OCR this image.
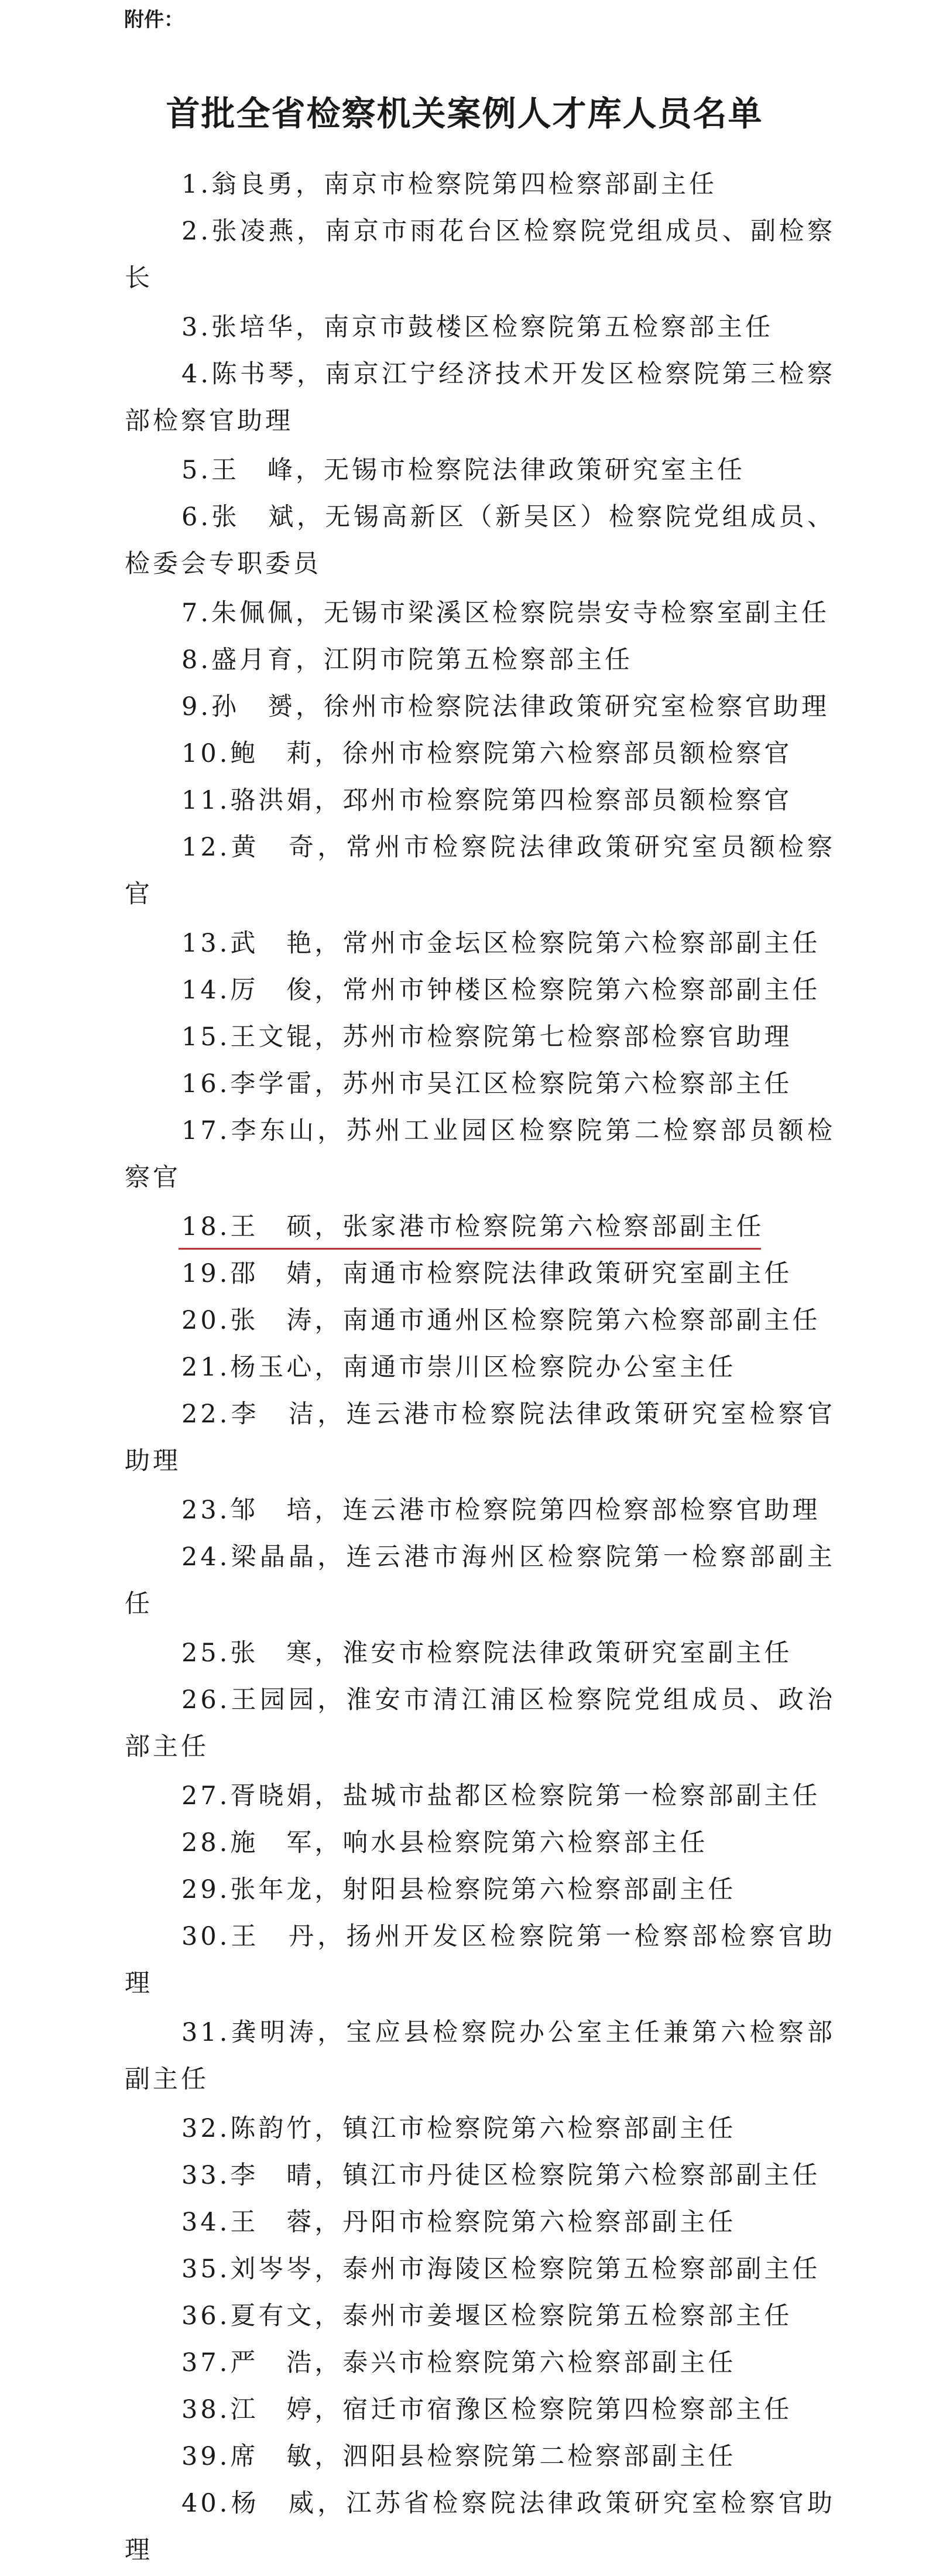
附件：
首批全省检察机关案例人才库人员名单

1 . 翁良勇，南京市检察院第四检察部副主任

2 . 张凌燕，南京市雨花台区检察院党组成员、副检察长

3 . 张培华，南京市鼓楼区检察院第五检察部主任

4 . 陈书琴，南京江宁经济技术开发区检察院第三检察部检察官助理

5 . 王　峰，无锡市检察院法律政策研究室主任

6 . 张　斌，无锡高新区（新吴区）检察院党组成员、检委会专职委员

7 . 朱佩佩，无锡市梁溪区检察院崇安寺检察室副主任

8 . 盛月育，江阴市院第五检察部主任

9 . 孙　赟，徐州市检察院法律政策研究室检察官助理

10 . 鲍　莉，徐州市检察院第六检察部员额检察官

11 . 骆洪娟，邳州市检察院第四检察部员额检察官

12 . 黄　奇，常州市检察院法律政策研究室员额检察官

13 . 武　艳，常州市金坛区检察院第六检察部副主任

14 . 厉　俊，常州市钟楼区检察院第六检察部副主任

15 . 王文锟，苏州市检察院第七检察部检察官助理

16 . 李学雷，苏州市吴江区检察院第六检察部主任

17 . 李东山，苏州工业园区检察院第二检察部员额检察官

18 . 王　硕，张家港市检察院第六检察部副主任

19 . 邵　婧，南通市检察院法律政策研究室副主任

20 . 张　涛，南通市通州区检察院第六检察部副主任

21 . 杨玉心，南通市崇川区检察院办公室主任

22 . 李　洁，连云港市检察院法律政策研究室检察官助理

23 . 邹　培，连云港市检察院第四检察部检察官助理

24 . 梁晶晶，连云港市海州区检察院第一检察部副主任

25 . 张　寒，淮安市检察院法律政策研究室副主任

26 . 王园园，淮安市清江浦区检察院党组成员、政治部主任

27 . 胥晓娟，盐城市盐都区检察院第一检察部副主任

28 . 施　军，响水县检察院第六检察部主任

29 . 张年龙，射阳县检察院第六检察部副主任

30 . 王　丹，扬州开发区检察院第一检察部检察官助理

31 . 龚明涛，宝应县检察院办公室主任兼第六检察部副主任

32 . 陈韵竹，镇江市检察院第六检察部副主任

33 . 李　晴，镇江市丹徒区检察院第六检察部副主任

34 . 王　蓉，丹阳市检察院第六检察部副主任

35 . 刘岑岑，泰州市海陵区检察院第五检察部副主任

36 . 夏有文，泰州市姜堰区检察院第五检察部主任

37 . 严　浩，泰兴市检察院第六检察部副主任

38 . 江　婷，宿迁市宿豫区检察院第四检察部主任

39 . 席　敏，泗阳县检察院第二检察部副主任

40 . 杨　威，江苏省检察院法律政策研究室检察官助理
